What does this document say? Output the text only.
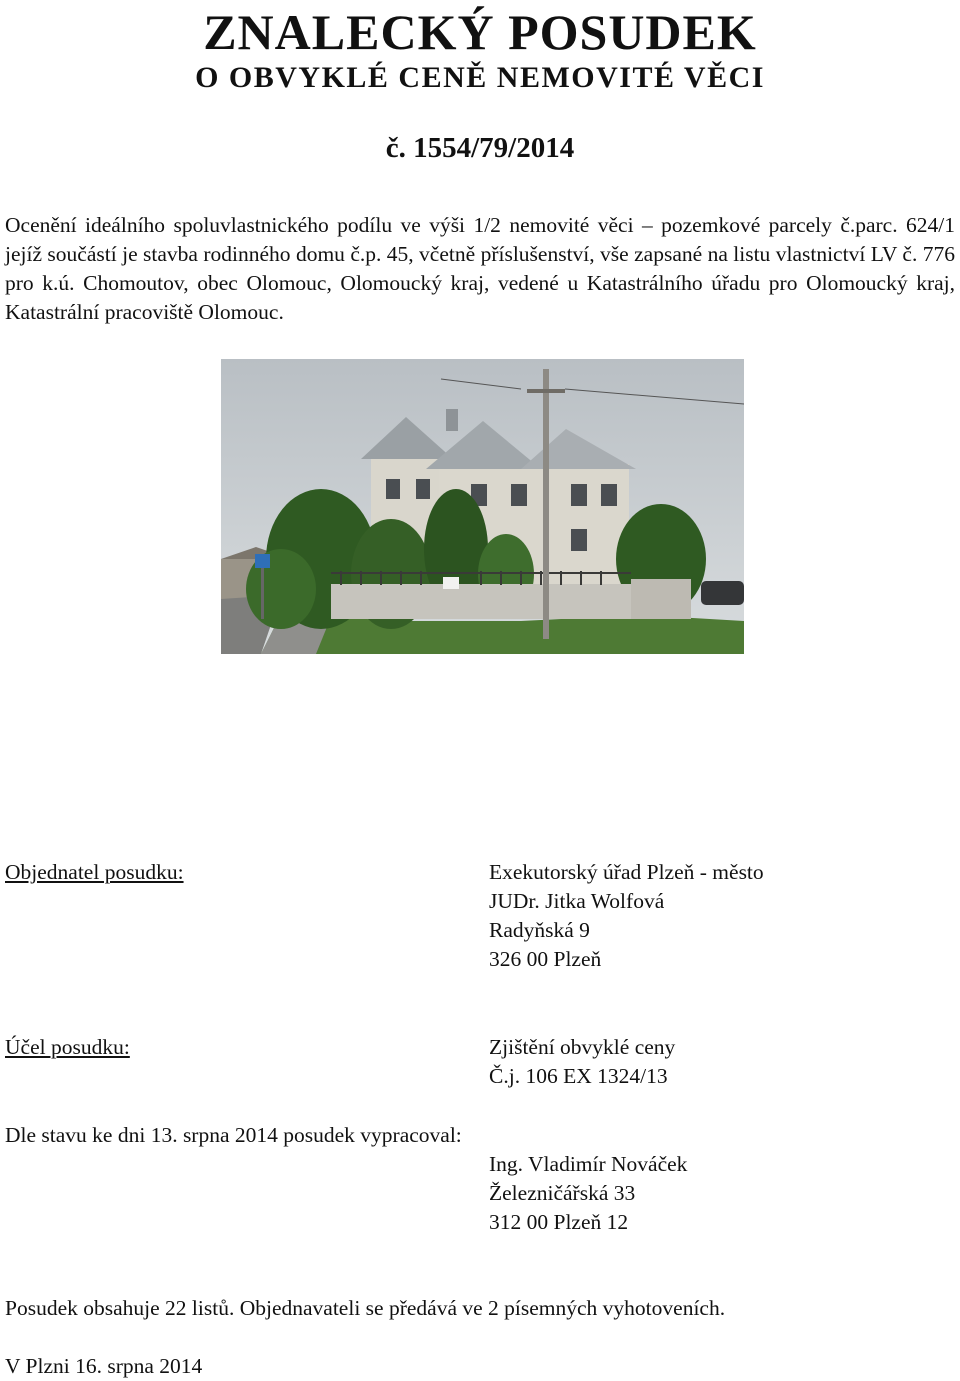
ZNALECKÝ POSUDEK
O OBVYKLÉ CENĚ NEMOVITÉ VĚCI
č. 1554/79/2014

Ocenění ideálního spoluvlastnického podílu ve výši 1/2 nemovité věci – pozemkové parcely č.parc. 624/1 jejíž součástí je stavba rodinného domu č.p. 45, včetně příslušenství, vše zapsané na listu vlastnictví LV č. 776 pro k.ú. Chomoutov, obec Olomouc, Olomoucký kraj, vedené u Katastrálního úřadu pro Olomoucký kraj, Katastrální pracoviště Olomouc.

Objednatel posudku:	Exekutorský úřad Plzeň - město
JUDr. Jitka Wolfová
Radyňská 9
326 00 Plzeň

Účel posudku:	Zjištění obvyklé ceny
Č.j. 106 EX 1324/13

Dle stavu ke dni 13. srpna 2014 posudek vypracoval:

Ing. Vladimír Nováček
Železničářská 33
312 00 Plzeň 12

Posudek obsahuje 22 listů. Objednavateli se předává ve 2 písemných vyhotoveních.

V Plzni 16. srpna 2014
